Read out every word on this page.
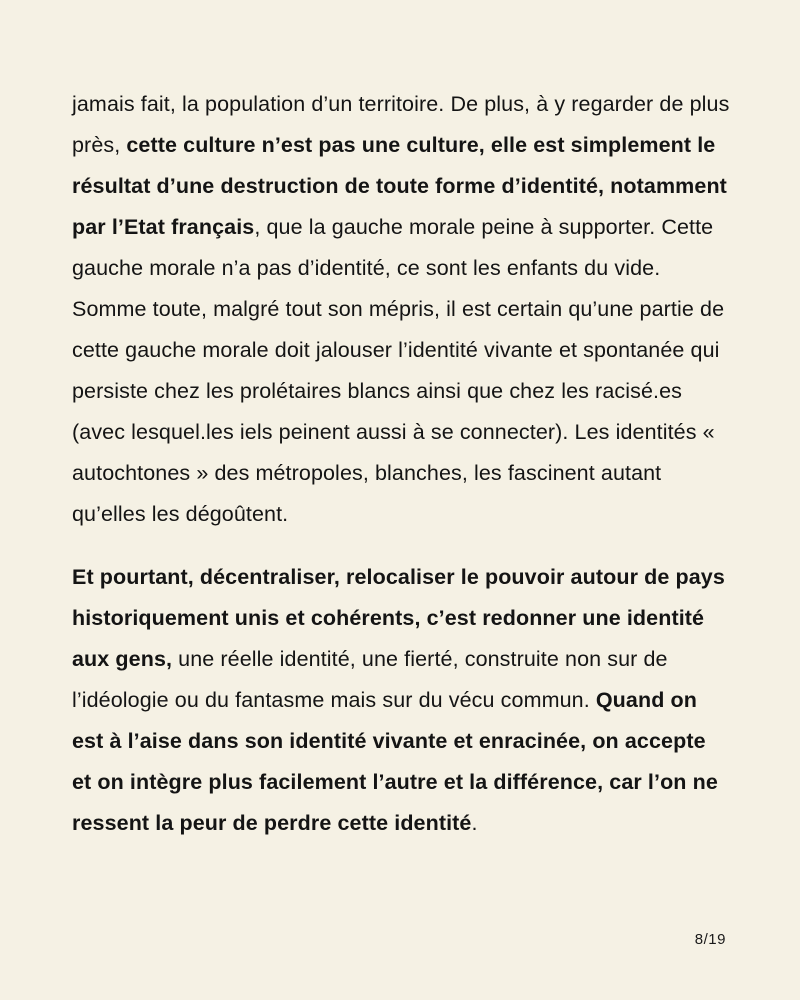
jamais fait, la population d’un territoire. De plus, à y regarder de plus près, cette culture n’est pas une culture, elle est simplement le résultat d’une destruction de toute forme d’identité, notamment par l’Etat français, que la gauche morale peine à supporter. Cette gauche morale n’a pas d’identité, ce sont les enfants du vide. Somme toute, malgré tout son mépris, il est certain qu’une partie de cette gauche morale doit jalouser l’identité vivante et spontanée qui persiste chez les prolétaires blancs ainsi que chez les racisé.es (avec lesquel.les iels peinent aussi à se connecter). Les identités « autochtones » des métropoles, blanches, les fascinent autant qu’elles les dégoûtent.

Et pourtant, décentraliser, relocaliser le pouvoir autour de pays historiquement unis et cohérents, c’est redonner une identité aux gens, une réelle identité, une fierté, construite non sur de l’idéologie ou du fantasme mais sur du vécu commun. Quand on est à l’aise dans son identité vivante et enracinée, on accepte et on intègre plus facilement l’autre et la différence, car l’on ne ressent la peur de perdre cette identité.

8/19
